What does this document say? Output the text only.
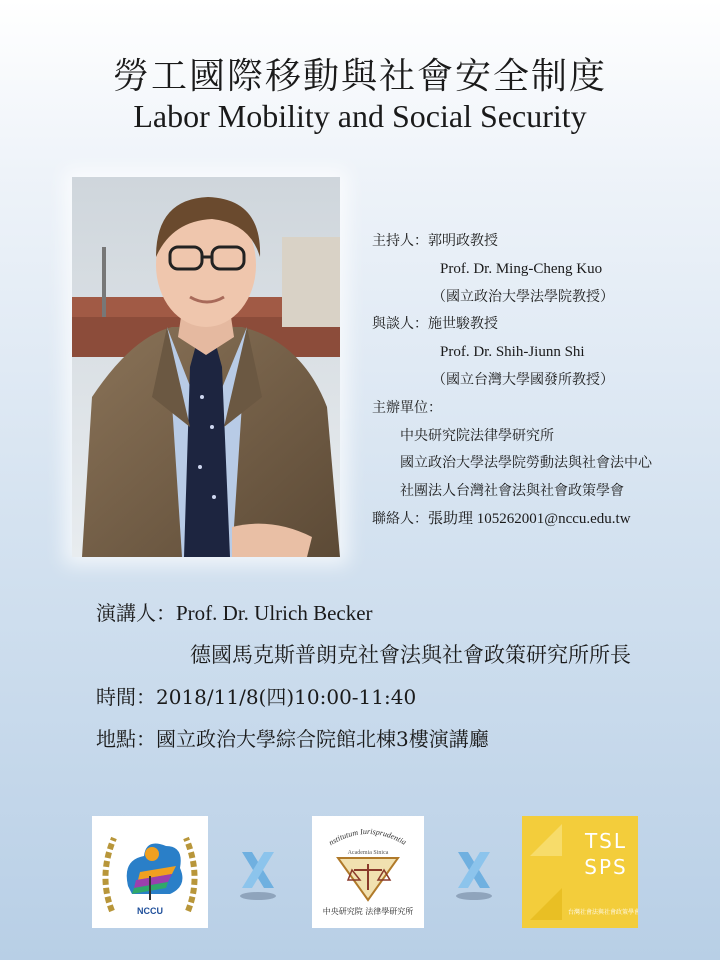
勞工國際移動與社會安全制度
Labor Mobility and Social Security
主持人：郭明政教授
Prof. Dr. Ming-Cheng Kuo
（國立政治大學法學院教授）
與談人：施世駿教授
Prof. Dr. Shih-Jiunn Shi
（國立台灣大學國發所教授）
主辦單位：
中央研究院法律學研究所
國立政治大學法學院勞動法與社會法中心
社團法人台灣社會法與社會政策學會
聯絡人：張助理 105262001@nccu.edu.tw
演講人：Prof. Dr. Ulrich Becker
德國馬克斯普朗克社會法與社會政策研究所所長
時間：2018/11/8(四)10:00-11:40
地點：國立政治大學綜合院館北棟3樓演講廳
NCCU
nstitutum Iurisprudentia
Academia Sinica
中央研究院 法律學研究所
TSL
SPS
台灣社會法與社會政策學會
